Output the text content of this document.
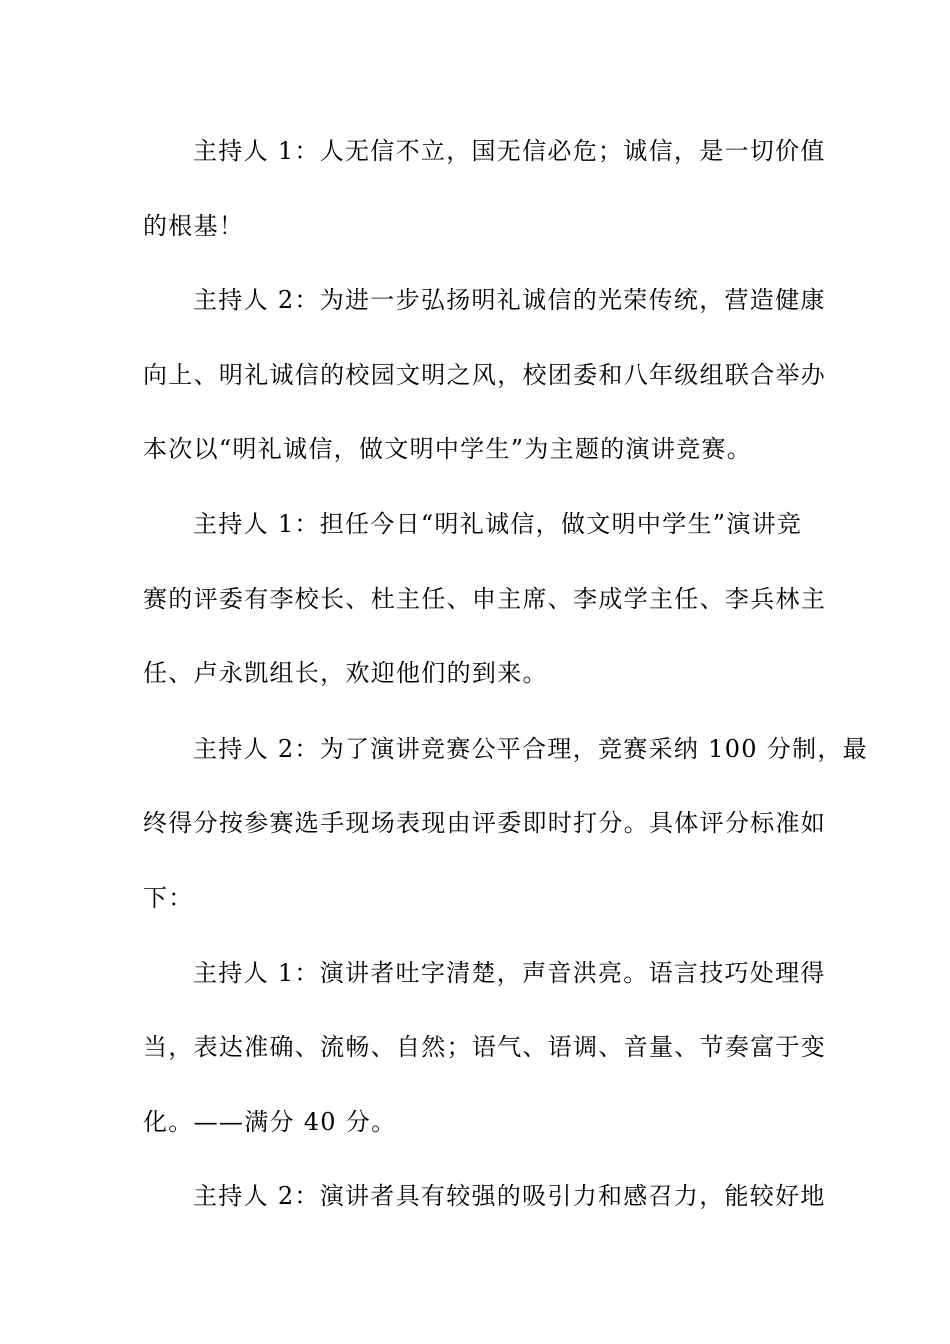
主持人 1：人无信不立，国无信必危；诚信，是一切价值
的根基！
主持人 2：为进一步弘扬明礼诚信的光荣传统，营造健康
向上、明礼诚信的校园文明之风，校团委和八年级组联合举办
本次以“明礼诚信，做文明中学生”为主题的演讲竞赛。
主持人 1：担任今日“明礼诚信，做文明中学生”演讲竞
赛的评委有李校长、杜主任、申主席、李成学主任、李兵林主
任、卢永凯组长，欢迎他们的到来。
主持人 2：为了演讲竞赛公平合理，竞赛采纳 100 分制，最
终得分按参赛选手现场表现由评委即时打分。具体评分标准如
下：
主持人 1：演讲者吐字清楚，声音洪亮。语言技巧处理得
当，表达准确、流畅、自然；语气、语调、音量、节奏富于变
化。——满分 40 分。
主持人 2：演讲者具有较强的吸引力和感召力，能较好地
